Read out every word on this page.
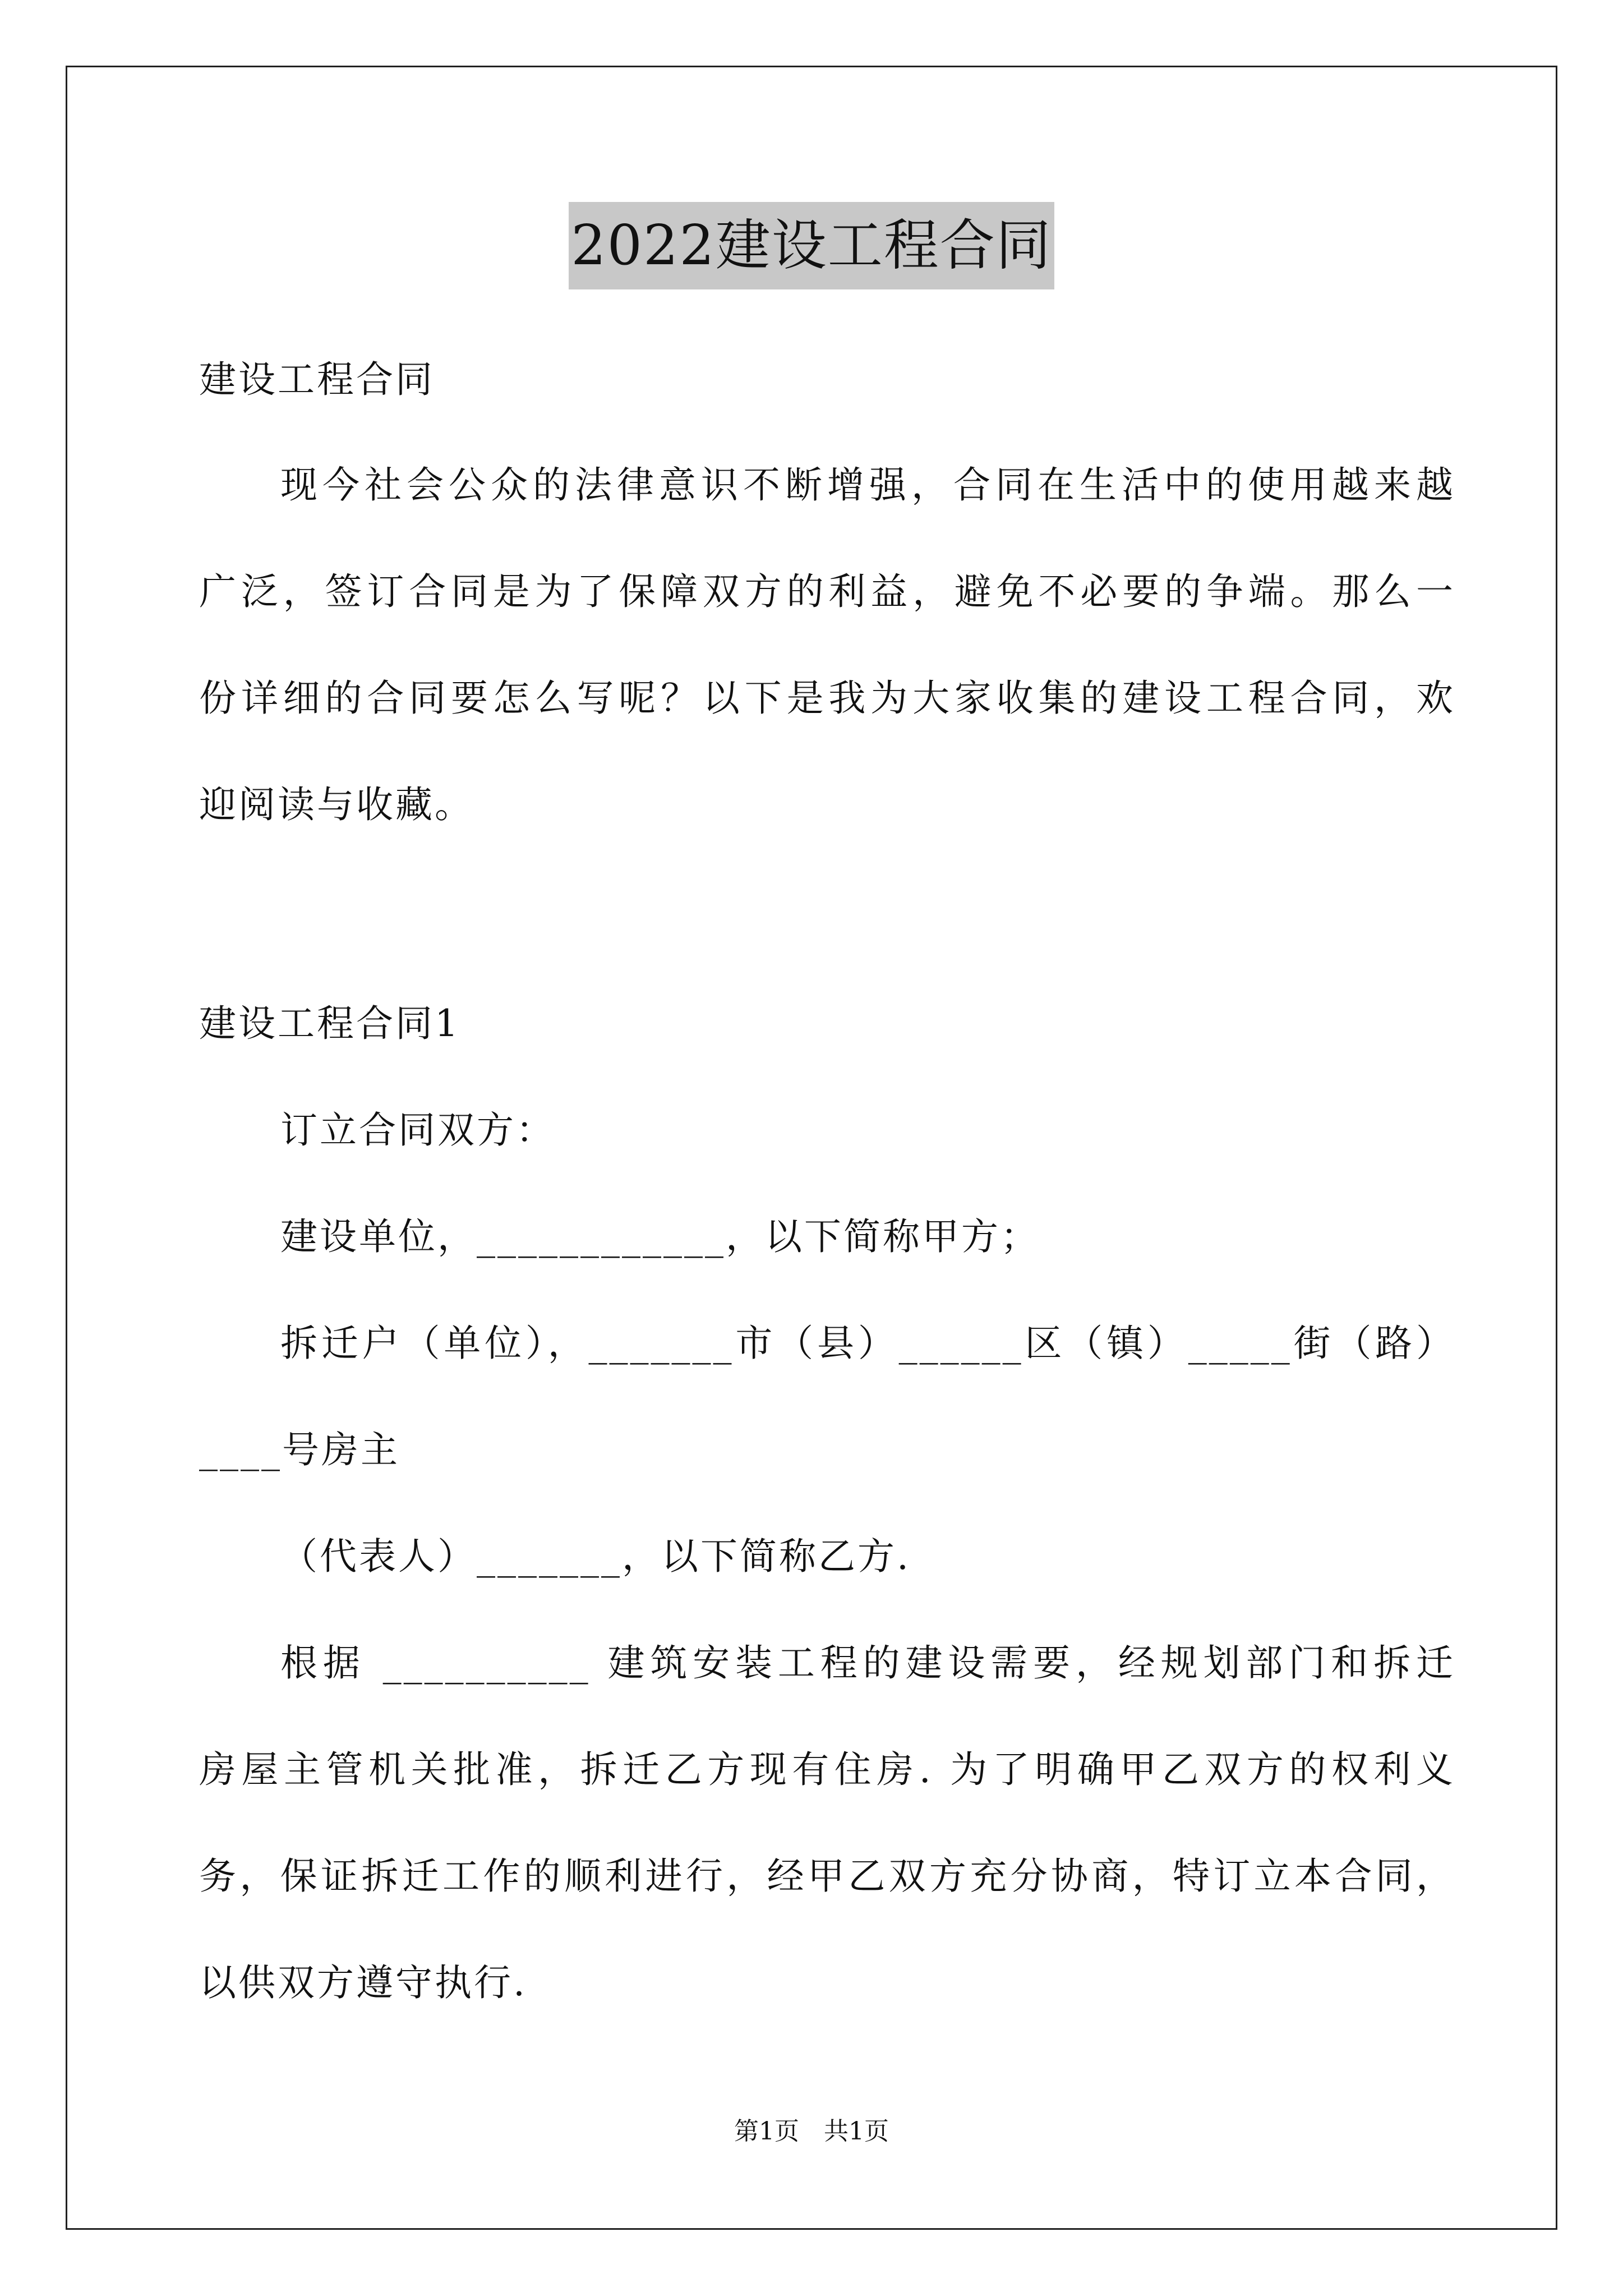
2022建设工程合同
建设工程合同
现今社会公众的法律意识不断增强，合同在生活中的使用越来越
广泛，签订合同是为了保障双方的利益，避免不必要的争端。那么一
份详细的合同要怎么写呢？以下是我为大家收集的建设工程合同，欢
迎阅读与收藏。
建设工程合同1
订立合同双方：
建设单位，____________，以下简称甲方；
拆迁户（单位），_______市（县）______区（镇）_____街（路）
____号房主
（代表人）_______，以下简称乙方.
根据 __________ 建筑安装工程的建设需要，经规划部门和拆迁
房屋主管机关批准，拆迁乙方现有住房. 为了明确甲乙双方的权利义
务，保证拆迁工作的顺利进行，经甲乙双方充分协商，特订立本合同，
以供双方遵守执行.
第1页　共1页
